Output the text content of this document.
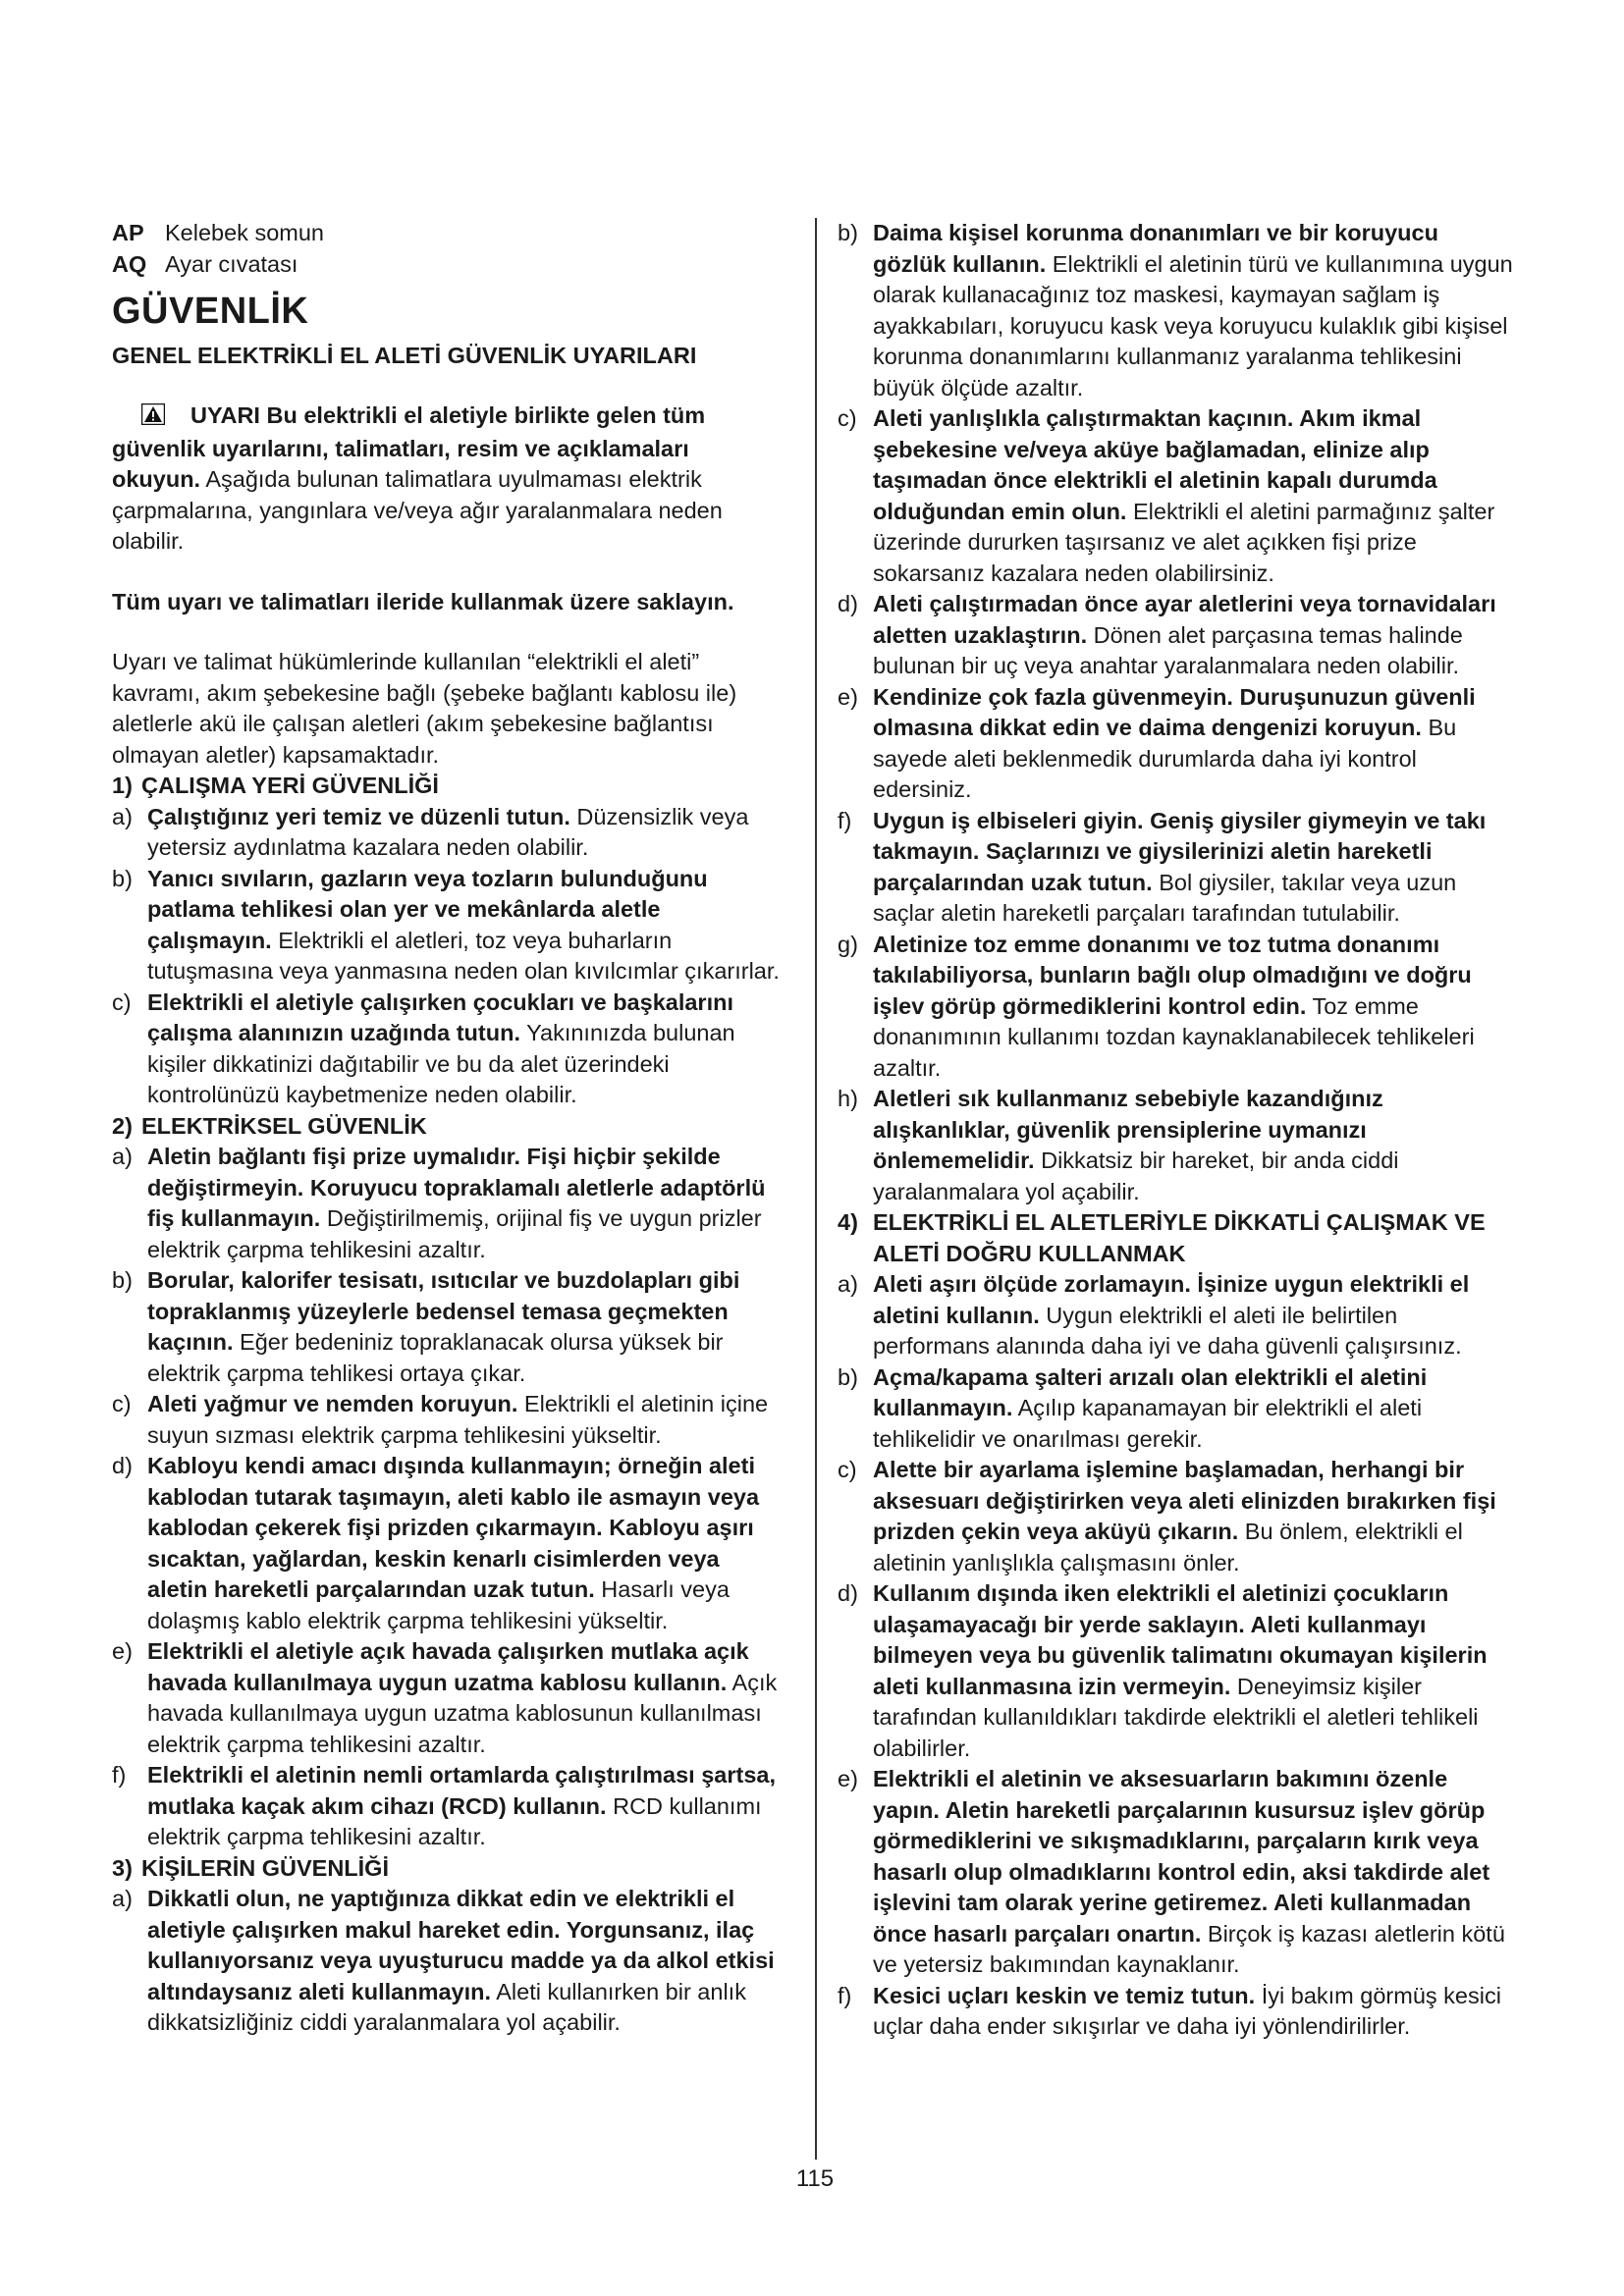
AP Kelebek somun

AQ Ayar cıvatası

GÜVENLİK
GENEL ELEKTRİKLİ EL ALETİ GÜVENLİK UYARILARI

UYARI Bu elektrikli el aletiyle birlikte gelen tüm güvenlik uyarılarını, talimatları, resim ve açıklamaları okuyun. Aşağıda bulunan talimatlara uyulmaması elektrik çarpmalarına, yangınlara ve/veya ağır yaralanmalara neden olabilir.

Tüm uyarı ve talimatları ileride kullanmak üzere saklayın.

Uyarı ve talimat hükümlerinde kullanılan “elektrikli el aleti” kavramı, akım şebekesine bağlı (şebeke bağlantı kablosu ile) aletlerle akü ile çalışan aletleri (akım şebekesine bağlantısı olmayan aletler) kapsamaktadır.

1) ÇALIŞMA YERİ GÜVENLİĞİ

a) Çalıştığınız yeri temiz ve düzenli tutun. Düzensizlik veya yetersiz aydınlatma kazalara neden olabilir.

b) Yanıcı sıvıların, gazların veya tozların bulunduğunu patlama tehlikesi olan yer ve mekânlarda aletle çalışmayın. Elektrikli el aletleri, toz veya buharların tutuşmasına veya yanmasına neden olan kıvılcımlar çıkarırlar.

c) Elektrikli el aletiyle çalışırken çocukları ve başkalarını çalışma alanınızın uzağında tutun. Yakınınızda bulunan kişiler dikkatinizi dağıtabilir ve bu da alet üzerindeki kontrolünüzü kaybetmenize neden olabilir.

2) ELEKTRİKSEL GÜVENLİK

a) Aletin bağlantı fişi prize uymalıdır. Fişi hiçbir şekilde değiştirmeyin. Koruyucu topraklamalı aletlerle adaptörlü fiş kullanmayın. Değiştirilmemiş, orijinal fiş ve uygun prizler elektrik çarpma tehlikesini azaltır.

b) Borular, kalorifer tesisatı, ısıtıcılar ve buzdolapları gibi topraklanmış yüzeylerle bedensel temasa geçmekten kaçının. Eğer bedeniniz topraklanacak olursa yüksek bir elektrik çarpma tehlikesi ortaya çıkar.

c) Aleti yağmur ve nemden koruyun. Elektrikli el aletinin içine suyun sızması elektrik çarpma tehlikesini yükseltir.

d) Kabloyu kendi amacı dışında kullanmayın; örneğin aleti kablodan tutarak taşımayın, aleti kablo ile asmayın veya kablodan çekerek fişi prizden çıkarmayın. Kabloyu aşırı sıcaktan, yağlardan, keskin kenarlı cisimlerden veya aletin hareketli parçalarından uzak tutun. Hasarlı veya dolaşmış kablo elektrik çarpma tehlikesini yükseltir.

e) Elektrikli el aletiyle açık havada çalışırken mutlaka açık havada kullanılmaya uygun uzatma kablosu kullanın. Açık havada kullanılmaya uygun uzatma kablosunun kullanılması elektrik çarpma tehlikesini azaltır.

f) Elektrikli el aletinin nemli ortamlarda çalıştırılması şartsa, mutlaka kaçak akım cihazı (RCD) kullanın. RCD kullanımı elektrik çarpma tehlikesini azaltır.

3) KİŞİLERİN GÜVENLİĞİ

a) Dikkatli olun, ne yaptığınıza dikkat edin ve elektrikli el aletiyle çalışırken makul hareket edin. Yorgunsanız, ilaç kullanıyorsanız veya uyuşturucu madde ya da alkol etkisi altındaysanız aleti kullanmayın. Aleti kullanırken bir anlık dikkatsizliğiniz ciddi yaralanmalara yol açabilir.

b) Daima kişisel korunma donanımları ve bir koruyucu gözlük kullanın. Elektrikli el aletinin türü ve kullanımına uygun olarak kullanacağınız toz maskesi, kaymayan sağlam iş ayakkabıları, koruyucu kask veya koruyucu kulaklık gibi kişisel korunma donanımlarını kullanmanız yaralanma tehlikesini büyük ölçüde azaltır.

c) Aleti yanlışlıkla çalıştırmaktan kaçının. Akım ikmal şebekesine ve/veya aküye bağlamadan, elinize alıp taşımadan önce elektrikli el aletinin kapalı durumda olduğundan emin olun. Elektrikli el aletini parmağınız şalter üzerinde dururken taşırsanız ve alet açıkken fişi prize sokarsanız kazalara neden olabilirsiniz.

d) Aleti çalıştırmadan önce ayar aletlerini veya tornavidaları aletten uzaklaştırın. Dönen alet parçasına temas halinde bulunan bir uç veya anahtar yaralanmalara neden olabilir.

e) Kendinize çok fazla güvenmeyin. Duruşunuzun güvenli olmasına dikkat edin ve daima dengenizi koruyun. Bu sayede aleti beklenmedik durumlarda daha iyi kontrol edersiniz.

f) Uygun iş elbiseleri giyin. Geniş giysiler giymeyin ve takı takmayın. Saçlarınızı ve giysilerinizi aletin hareketli parçalarından uzak tutun. Bol giysiler, takılar veya uzun saçlar aletin hareketli parçaları tarafından tutulabilir.

g) Aletinize toz emme donanımı ve toz tutma donanımı takılabiliyorsa, bunların bağlı olup olmadığını ve doğru işlev görüp görmediklerini kontrol edin. Toz emme donanımının kullanımı tozdan kaynaklanabilecek tehlikeleri azaltır.

h) Aletleri sık kullanmanız sebebiyle kazandığınız alışkanlıklar, güvenlik prensiplerine uymanızı önlememelidir. Dikkatsiz bir hareket, bir anda ciddi yaralanmalara yol açabilir.

4) ELEKTRİKLİ EL ALETLERİYLE DİKKATLİ ÇALIŞMAK VE ALETİ DOĞRU KULLANMAK

a) Aleti aşırı ölçüde zorlamayın. İşinize uygun elektrikli el aletini kullanın. Uygun elektrikli el aleti ile belirtilen performans alanında daha iyi ve daha güvenli çalışırsınız.

b) Açma/kapama şalteri arızalı olan elektrikli el aletini kullanmayın. Açılıp kapanamayan bir elektrikli el aleti tehlikelidir ve onarılması gerekir.

c) Alette bir ayarlama işlemine başlamadan, herhangi bir aksesuarı değiştirirken veya aleti elinizden bırakırken fişi prizden çekin veya aküyü çıkarın. Bu önlem, elektrikli el aletinin yanlışlıkla çalışmasını önler.

d) Kullanım dışında iken elektrikli el aletinizi çocukların ulaşamayacağı bir yerde saklayın. Aleti kullanmayı bilmeyen veya bu güvenlik talimatını okumayan kişilerin aleti kullanmasına izin vermeyin. Deneyimsiz kişiler tarafından kullanıldıkları takdirde elektrikli el aletleri tehlikeli olabilirler.

e) Elektrikli el aletinin ve aksesuarların bakımını özenle yapın. Aletin hareketli parçalarının kusursuz işlev görüp görmediklerini ve sıkışmadıklarını, parçaların kırık veya hasarlı olup olmadıklarını kontrol edin, aksi takdirde alet işlevini tam olarak yerine getiremez. Aleti kullanmadan önce hasarlı parçaları onartın. Birçok iş kazası aletlerin kötü ve yetersiz bakımından kaynaklanır.

f) Kesici uçları keskin ve temiz tutun. İyi bakım görmüş kesici uçlar daha ender sıkışırlar ve daha iyi yönlendirilirler.

115
